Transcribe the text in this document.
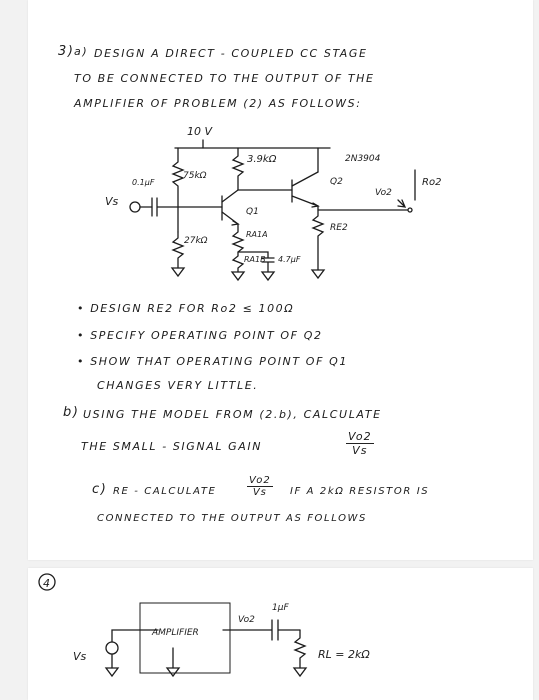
3) a) DESIGN A DIRECT - COUPLED CC STAGE
TO BE CONNECTED TO THE OUTPUT OF THE
AMPLIFIER OF PROBLEM (2) AS FOLLOWS:
10 V
0.1μF
75kΩ
27kΩ
3.9kΩ
RA1A
RA1B 4.7μF
Q1
Q2
2N3904
RE2
Vs
Vo2
Ro2
• DESIGN RE2 FOR Ro2 ≤ 100Ω
• SPECIFY OPERATING POINT OF Q2
• SHOW THAT OPERATING POINT OF Q1
CHANGES VERY LITTLE.
b) USING THE MODEL FROM (2.b), CALCULATE
THE SMALL - SIGNAL GAIN	$\frac{Vo2}{Vs}$
c) RE - CALCULATE	$\frac{Vo2}{Vs}$ IF A 2kΩ RESISTOR IS
CONNECTED TO THE OUTPUT AS FOLLOWS
4
Vs
AMPLIFIER
Vo2
1μF
RL = 2kΩ
